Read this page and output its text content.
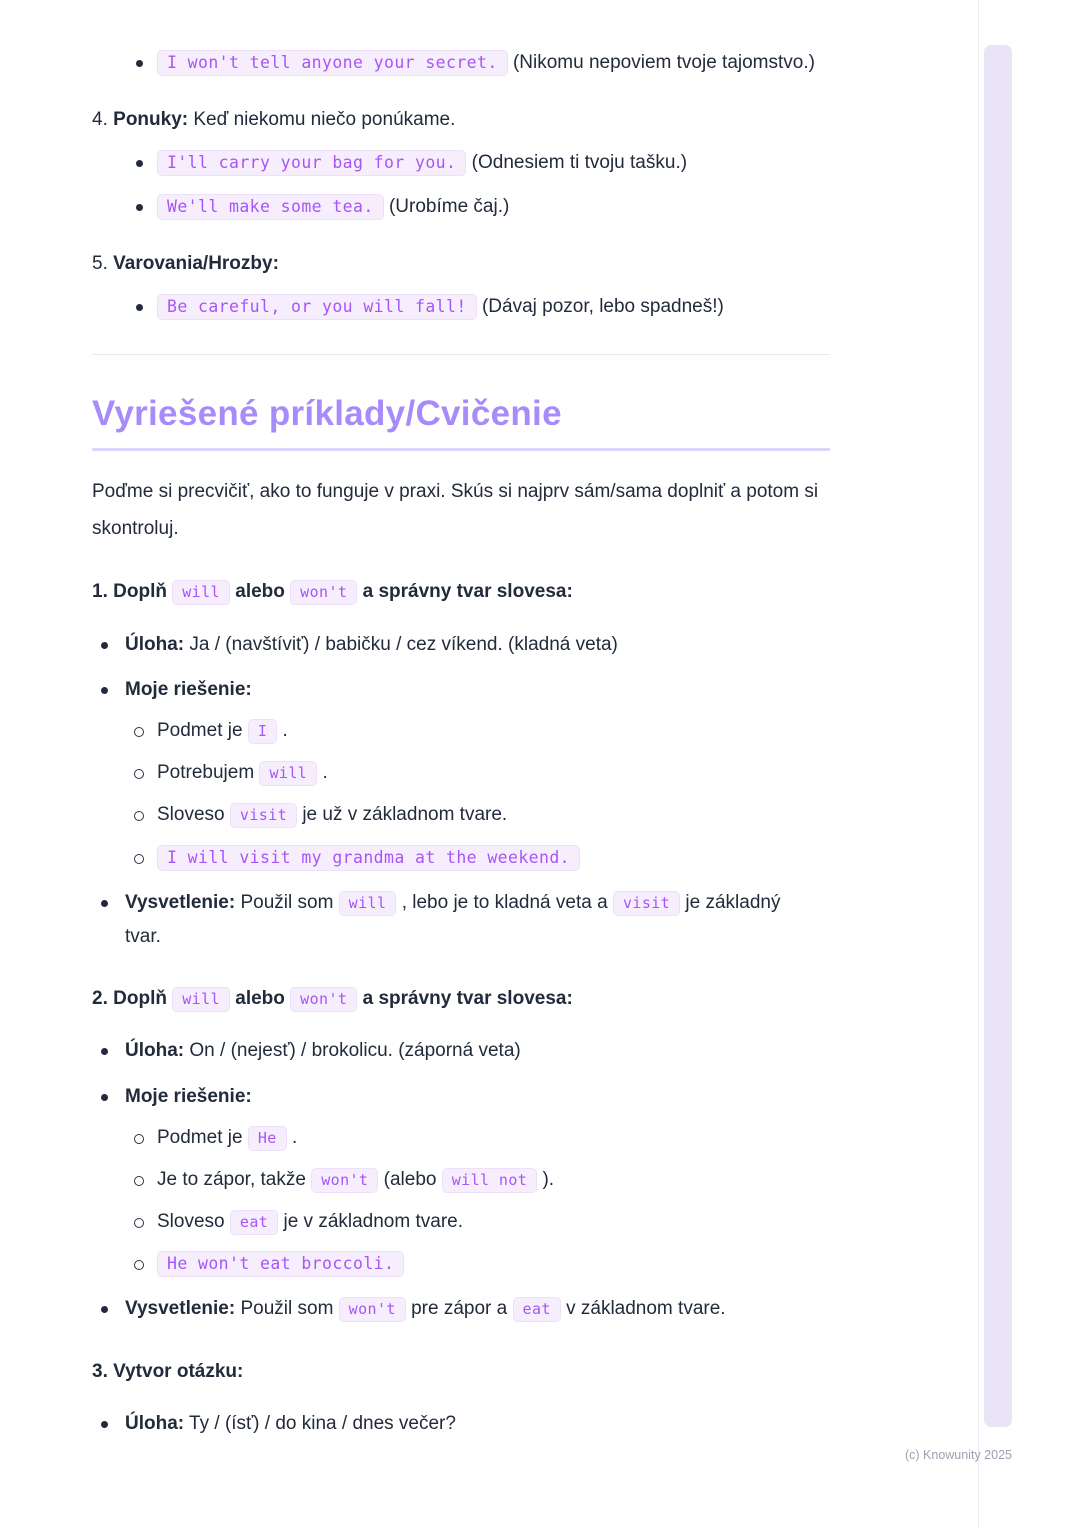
I won't tell anyone your secret. (Nikomu nepoviem tvoje tajomstvo.)

4. Ponuky: Keď niekomu niečo ponúkame.

I'll carry your bag for you. (Odnesiem ti tvoju tašku.)
We'll make some tea. (Urobíme čaj.)

5. Varovania/Hrozby:

Be careful, or you will fall! (Dávaj pozor, lebo spadneš!)
Vyriešené príklady/Cvičenie

Poďme si precvičiť, ako to funguje v praxi. Skús si najprv sám/sama doplniť a potom si skontroluj.

1. Doplň will alebo won't a správny tvar slovesa:

Úloha: Ja / (navštíviť) / babičku / cez víkend. (kladná veta)
Moje riešenie:
Podmet je I .
Potrebujem will .
Sloveso visit je už v základnom tvare.
I will visit my grandma at the weekend.
Vysvetlenie: Použil som will , lebo je to kladná veta a visit je základný tvar.

2. Doplň will alebo won't a správny tvar slovesa:

Úloha: On / (nejesť) / brokolicu. (záporná veta)
Moje riešenie:
Podmet je He .
Je to zápor, takže won't (alebo will not ).
Sloveso eat je v základnom tvare.
He won't eat broccoli.
Vysvetlenie: Použil som won't pre zápor a eat v základnom tvare.

3. Vytvor otázku:

Úloha: Ty / (ísť) / do kina / dnes večer?
(c) Knowunity 2025
